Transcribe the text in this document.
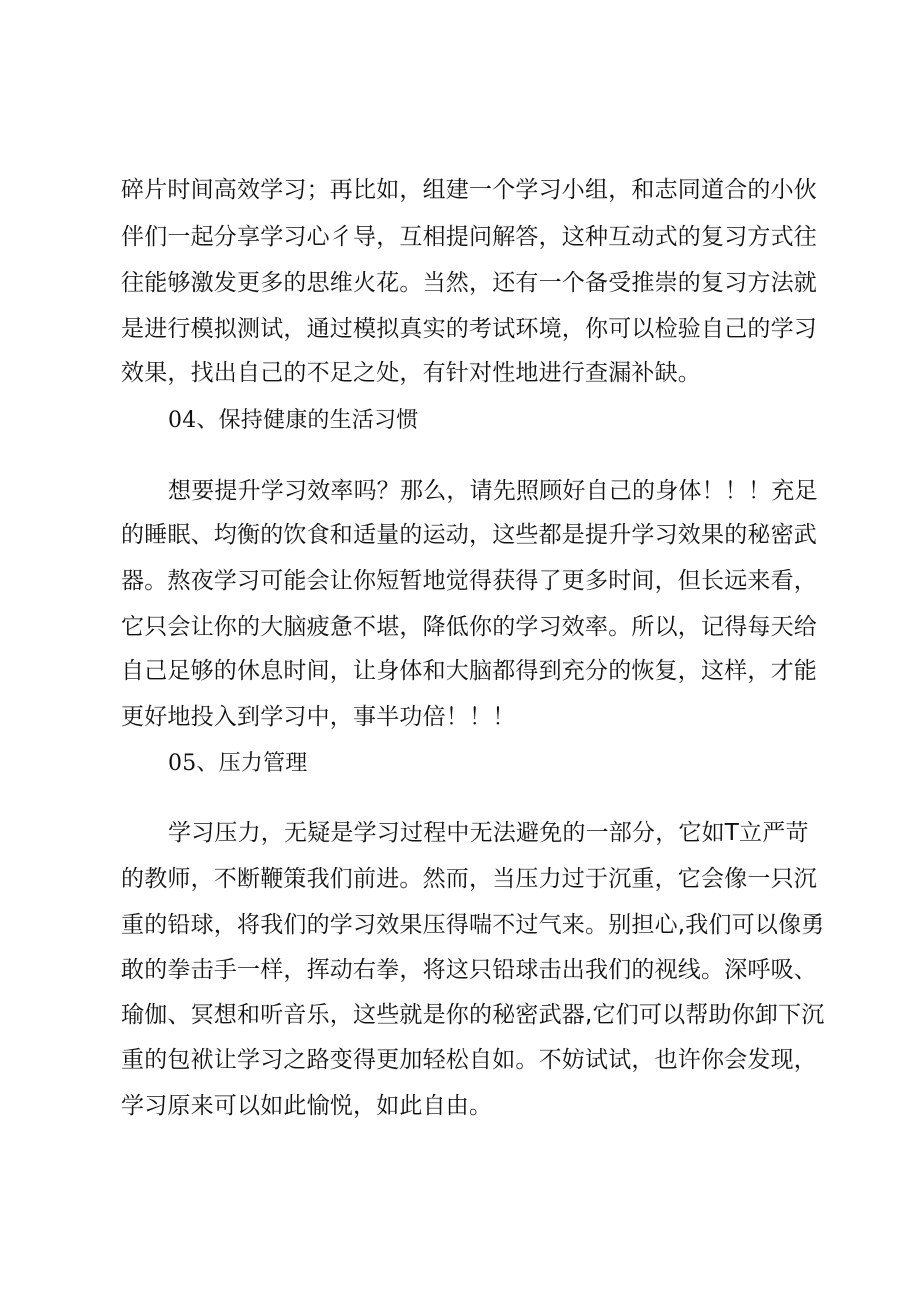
碎片时间高效学习；再比如，组建一个学习小组，和志同道合的小伙
伴们一起分享学习心彳导，互相提问解答，这种互动式的复习方式往
往能够激发更多的思维火花。当然，还有一个备受推崇的复习方法就
是进行模拟测试，通过模拟真实的考试环境，你可以检验自己的学习
效果，找出自己的不足之处，有针对性地进行查漏补缺。
04、保持健康的生活习惯
想要提升学习效率吗？那么，请先照顾好自己的身体！！！充足
的睡眠、均衡的饮食和适量的运动，这些都是提升学习效果的秘密武
器。熬夜学习可能会让你短暂地觉得获得了更多时间，但长远来看，
它只会让你的大脑疲惫不堪，降低你的学习效率。所以，记得每天给
自己足够的休息时间，让身体和大脑都得到充分的恢复，这样，才能
更好地投入到学习中，事半功倍！！！
05、压力管理
学习压力，无疑是学习过程中无法避免的一部分，它如T立严苛
的教师，不断鞭策我们前进。然而，当压力过于沉重，它会像一只沉
重的铅球，将我们的学习效果压得喘不过气来。别担心,我们可以像勇
敢的拳击手一样，挥动右拳，将这只铅球击出我们的视线。深呼吸、
瑜伽、冥想和听音乐，这些就是你的秘密武器,它们可以帮助你卸下沉
重的包袱让学习之路变得更加轻松自如。不妨试试，也许你会发现，
学习原来可以如此愉悦，如此自由。
